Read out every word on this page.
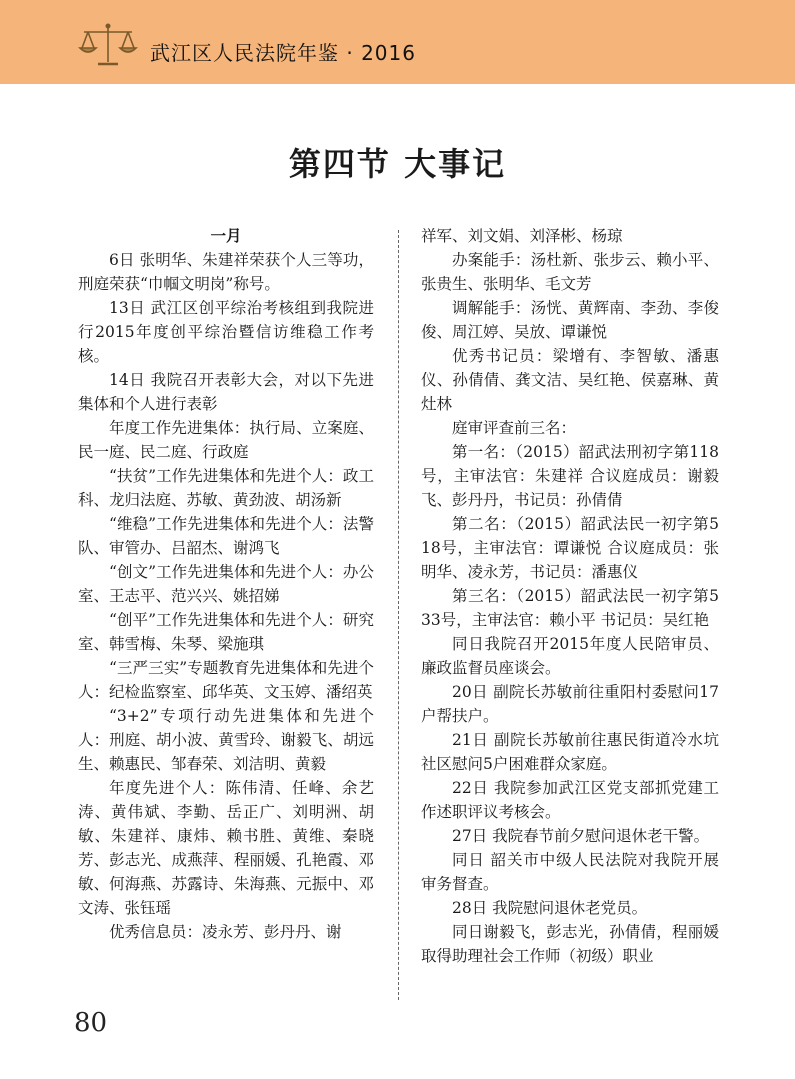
武江区人民法院年鉴 · 2016
第四节 大事记

一月

6日 张明华、朱建祥荣获个人三等功，刑庭荣获“巾帼文明岗”称号。

13日 武江区创平综治考核组到我院进行2015年度创平综治暨信访维稳工作考核。

14日 我院召开表彰大会，对以下先进集体和个人进行表彰

年度工作先进集体：执行局、立案庭、民一庭、民二庭、行政庭

“扶贫”工作先进集体和先进个人：政工科、龙归法庭、苏敏、黄劲波、胡汤新

“维稳”工作先进集体和先进个人：法警队、审管办、吕韶杰、谢鸿飞

“创文”工作先进集体和先进个人：办公室、王志平、范兴兴、姚招娣

“创平”工作先进集体和先进个人：研究室、韩雪梅、朱琴、梁施琪

“三严三实”专题教育先进集体和先进个人：纪检监察室、邱华英、文玉婷、潘绍英

“3+2”专项行动先进集体和先进个人：刑庭、胡小波、黄雪玲、谢毅飞、胡远生、赖惠民、邹春荣、刘洁明、黄毅

年度先进个人：陈伟清、任峰、余艺涛、黄伟斌、李勤、岳正广、刘明洲、胡敏、朱建祥、康炜、赖书胜、黄维、秦晓芳、彭志光、成燕萍、程丽媛、孔艳霞、邓敏、何海燕、苏露诗、朱海燕、元振中、邓文涛、张钰瑶

优秀信息员：凌永芳、彭丹丹、谢

祥军、刘文娟、刘泽彬、杨琼

办案能手：汤杜新、张步云、赖小平、张贵生、张明华、毛文芳

调解能手：汤恍、黄辉南、李劲、李俊俊、周江婷、吴放、谭谦悦

优秀书记员：梁增有、李智敏、潘惠仪、孙倩倩、龚文洁、吴红艳、侯嘉琳、黄灶林

庭审评查前三名：

第一名：（2015）韶武法刑初字第118号，主审法官：朱建祥 合议庭成员：谢毅飞、彭丹丹，书记员：孙倩倩

第二名：（2015）韶武法民一初字第518号，主审法官：谭谦悦 合议庭成员：张明华、凌永芳，书记员：潘惠仪

第三名：（2015）韶武法民一初字第533号，主审法官：赖小平 书记员：吴红艳

同日我院召开2015年度人民陪审员、廉政监督员座谈会。

20日 副院长苏敏前往重阳村委慰问17户帮扶户。

21日 副院长苏敏前往惠民街道冷水坑社区慰问5户困难群众家庭。

22日 我院参加武江区党支部抓党建工作述职评议考核会。

27日 我院春节前夕慰问退休老干警。

同日 韶关市中级人民法院对我院开展审务督查。

28日 我院慰问退休老党员。

同日谢毅飞，彭志光，孙倩倩，程丽媛取得助理社会工作师（初级）职业

80
